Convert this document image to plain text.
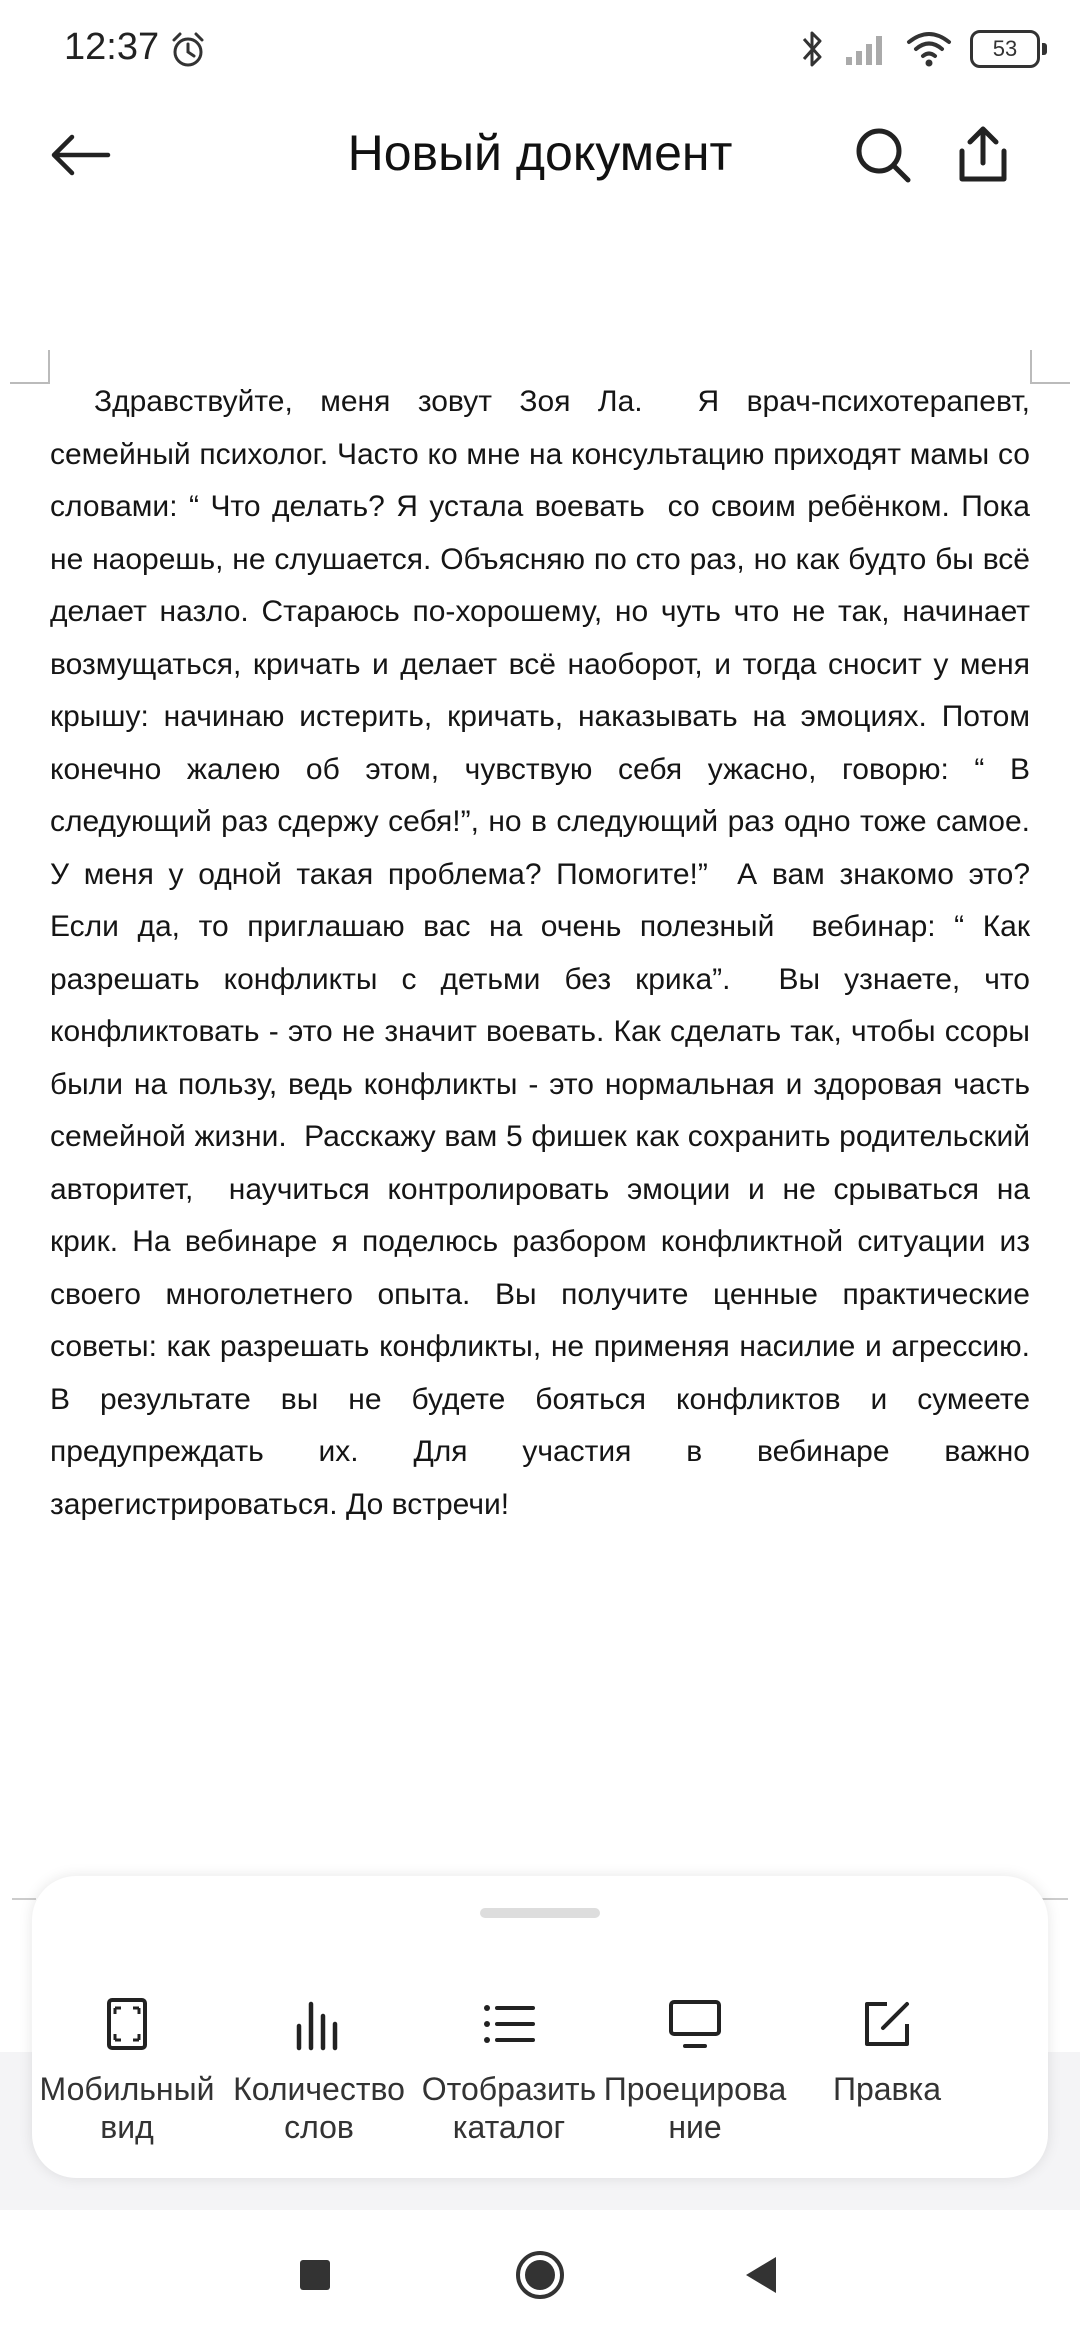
12:37	53
Новый документ
Здравствуйте, меня зовут Зоя Ла.  Я врач-психотерапевт, семейный психолог. Часто ко мне на консультацию приходят мамы со словами: “ Что делать? Я устала воевать  со своим ребёнком. Пока не наорешь, не слушается. Объясняю по сто раз, но как будто бы всё делает назло. Стараюсь по-хорошему, но чуть что не так, начинает возмущаться, кричать и делает всё наоборот, и тогда сносит у меня крышу: начинаю истерить, кричать, наказывать на эмоциях. Потом конечно жалею об этом, чувствую себя ужасно, говорю: “ В следующий раз сдержу себя!”, но в следующий раз одно тоже самое. У меня у одной такая проблема? Помогите!”  А вам знакомо это?  Если да, то приглашаю вас на очень полезный  вебинар: “ Как разрешать конфликты с детьми без крика”.  Вы узнаете, что конфликтовать - это не значит воевать. Как сделать так, чтобы ссоры были на пользу, ведь конфликты - это нормальная и здоровая часть семейной жизни.  Расскажу вам 5 фишек как сохранить родительский авторитет,  научиться контролировать эмоции и не срываться на крик. На вебинаре я поделюсь разбором конфликтной ситуации из своего многолетнего опыта. Вы получите ценные практические советы: как разрешать конфликты, не применяя насилие и агрессию. В результате вы не будете бояться конфликтов и сумеете предупреждать их. Для участия в вебинаре важно зарегистрироваться. До встречи!
Мобильный
вид
Количество
слов
Отобразить
каталог
Проецирова
ние
Правка
